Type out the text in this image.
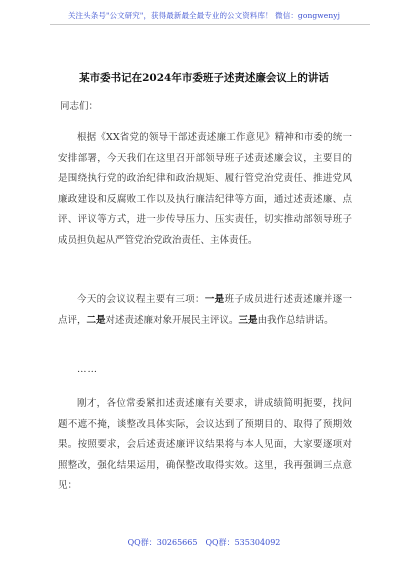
关注头条号"公文研究"，获得最新最全最专业的公文资料库！ 微信：gongwenyj
某市委书记在2024年市委班子述责述廉会议上的讲话
同志们：

根据《XX省党的领导干部述责述廉工作意见》精神和市委的统一安排部署，今天我们在这里召开部领导班子述责述廉会议，主要目的是围绕执行党的政治纪律和政治规矩、履行管党治党责任、推进党风廉政建设和反腐败工作以及执行廉洁纪律等方面，通过述责述廉、点评、评议等方式，进一步传导压力、压实责任，切实推动部领导班子成员担负起从严管党治党政治责任、主体责任。

今天的会议议程主要有三项：一是班子成员进行述责述廉并逐一点评，二是对述责述廉对象开展民主评议。三是由我作总结讲话。

……

刚才，各位常委紧扣述责述廉有关要求，讲成绩简明扼要，找问题不遮不掩，谈整改具体实际，会议达到了预期目的、取得了预期效果。按照要求，会后述责述廉评议结果将与本人见面，大家要逐项对照整改，强化结果运用，确保整改取得实效。这里，我再强调三点意见：

QQ群：30265665 QQ群：535304092
